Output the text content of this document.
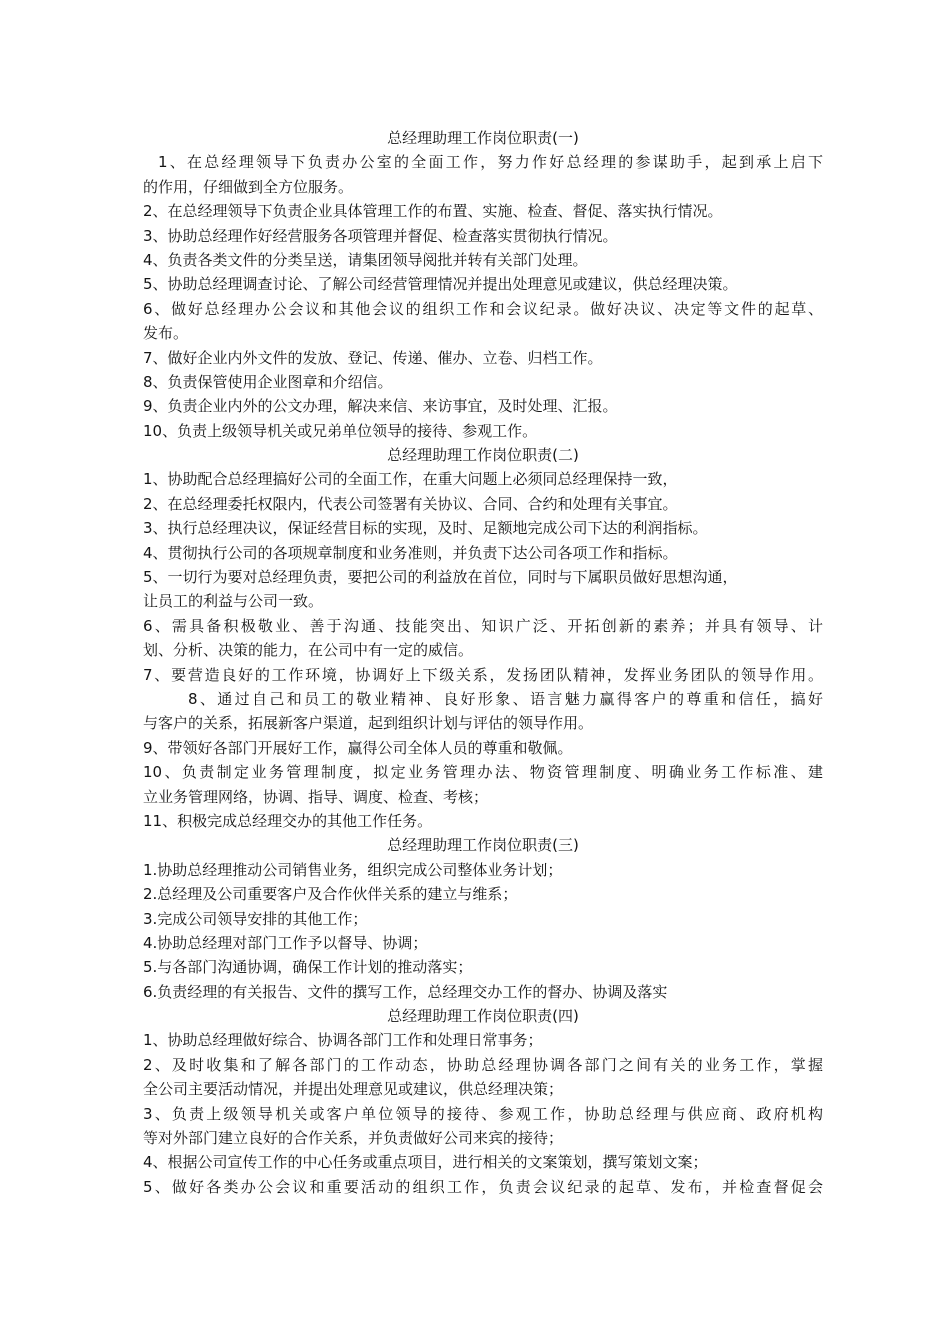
总经理助理工作岗位职责(一)

1、在总经理领导下负责办公室的全面工作，努力作好总经理的参谋助手，起到承上启下

的作用，仔细做到全方位服务。

2、在总经理领导下负责企业具体管理工作的布置、实施、检查、督促、落实执行情况。

3、协助总经理作好经营服务各项管理并督促、检查落实贯彻执行情况。

4、负责各类文件的分类呈送，请集团领导阅批并转有关部门处理。

5、协助总经理调查讨论、了解公司经营管理情况并提出处理意见或建议，供总经理决策。

6、做好总经理办公会议和其他会议的组织工作和会议纪录。做好决议、决定等文件的起草、

发布。

7、做好企业内外文件的发放、登记、传递、催办、立卷、归档工作。

8、负责保管使用企业图章和介绍信。

9、负责企业内外的公文办理，解决来信、来访事宜，及时处理、汇报。

10、负责上级领导机关或兄弟单位领导的接待、参观工作。

总经理助理工作岗位职责(二)

1、协助配合总经理搞好公司的全面工作，在重大问题上必须同总经理保持一致，

2、在总经理委托权限内，代表公司签署有关协议、合同、合约和处理有关事宜。

3、执行总经理决议，保证经营目标的实现，及时、足额地完成公司下达的利润指标。

4、贯彻执行公司的各项规章制度和业务准则，并负责下达公司各项工作和指标。

5、一切行为要对总经理负责，要把公司的利益放在首位，同时与下属职员做好思想沟通，

让员工的利益与公司一致。

6、需具备积极敬业、善于沟通、技能突出、知识广泛、开拓创新的素养；并具有领导、计

划、分析、决策的能力，在公司中有一定的威信。

7、要营造良好的工作环境，协调好上下级关系，发扬团队精神，发挥业务团队的领导作用。

8、通过自己和员工的敬业精神、良好形象、语言魅力赢得客户的尊重和信任，搞好

与客户的关系，拓展新客户渠道，起到组织计划与评估的领导作用。

9、带领好各部门开展好工作，赢得公司全体人员的尊重和敬佩。

10、负责制定业务管理制度，拟定业务管理办法、物资管理制度、明确业务工作标准、建

立业务管理网络，协调、指导、调度、检查、考核；

11、积极完成总经理交办的其他工作任务。

总经理助理工作岗位职责(三)

1.协助总经理推动公司销售业务，组织完成公司整体业务计划；

2.总经理及公司重要客户及合作伙伴关系的建立与维系；

3.完成公司领导安排的其他工作；

4.协助总经理对部门工作予以督导、协调；

5.与各部门沟通协调，确保工作计划的推动落实；

6.负责经理的有关报告、文件的撰写工作，总经理交办工作的督办、协调及落实

总经理助理工作岗位职责(四)

1、协助总经理做好综合、协调各部门工作和处理日常事务；

2、及时收集和了解各部门的工作动态，协助总经理协调各部门之间有关的业务工作，掌握

全公司主要活动情况，并提出处理意见或建议，供总经理决策；

3、负责上级领导机关或客户单位领导的接待、参观工作，协助总经理与供应商、政府机构

等对外部门建立良好的合作关系，并负责做好公司来宾的接待；

4、根据公司宣传工作的中心任务或重点项目，进行相关的文案策划，撰写策划文案；

5、做好各类办公会议和重要活动的组织工作，负责会议纪录的起草、发布，并检查督促会
